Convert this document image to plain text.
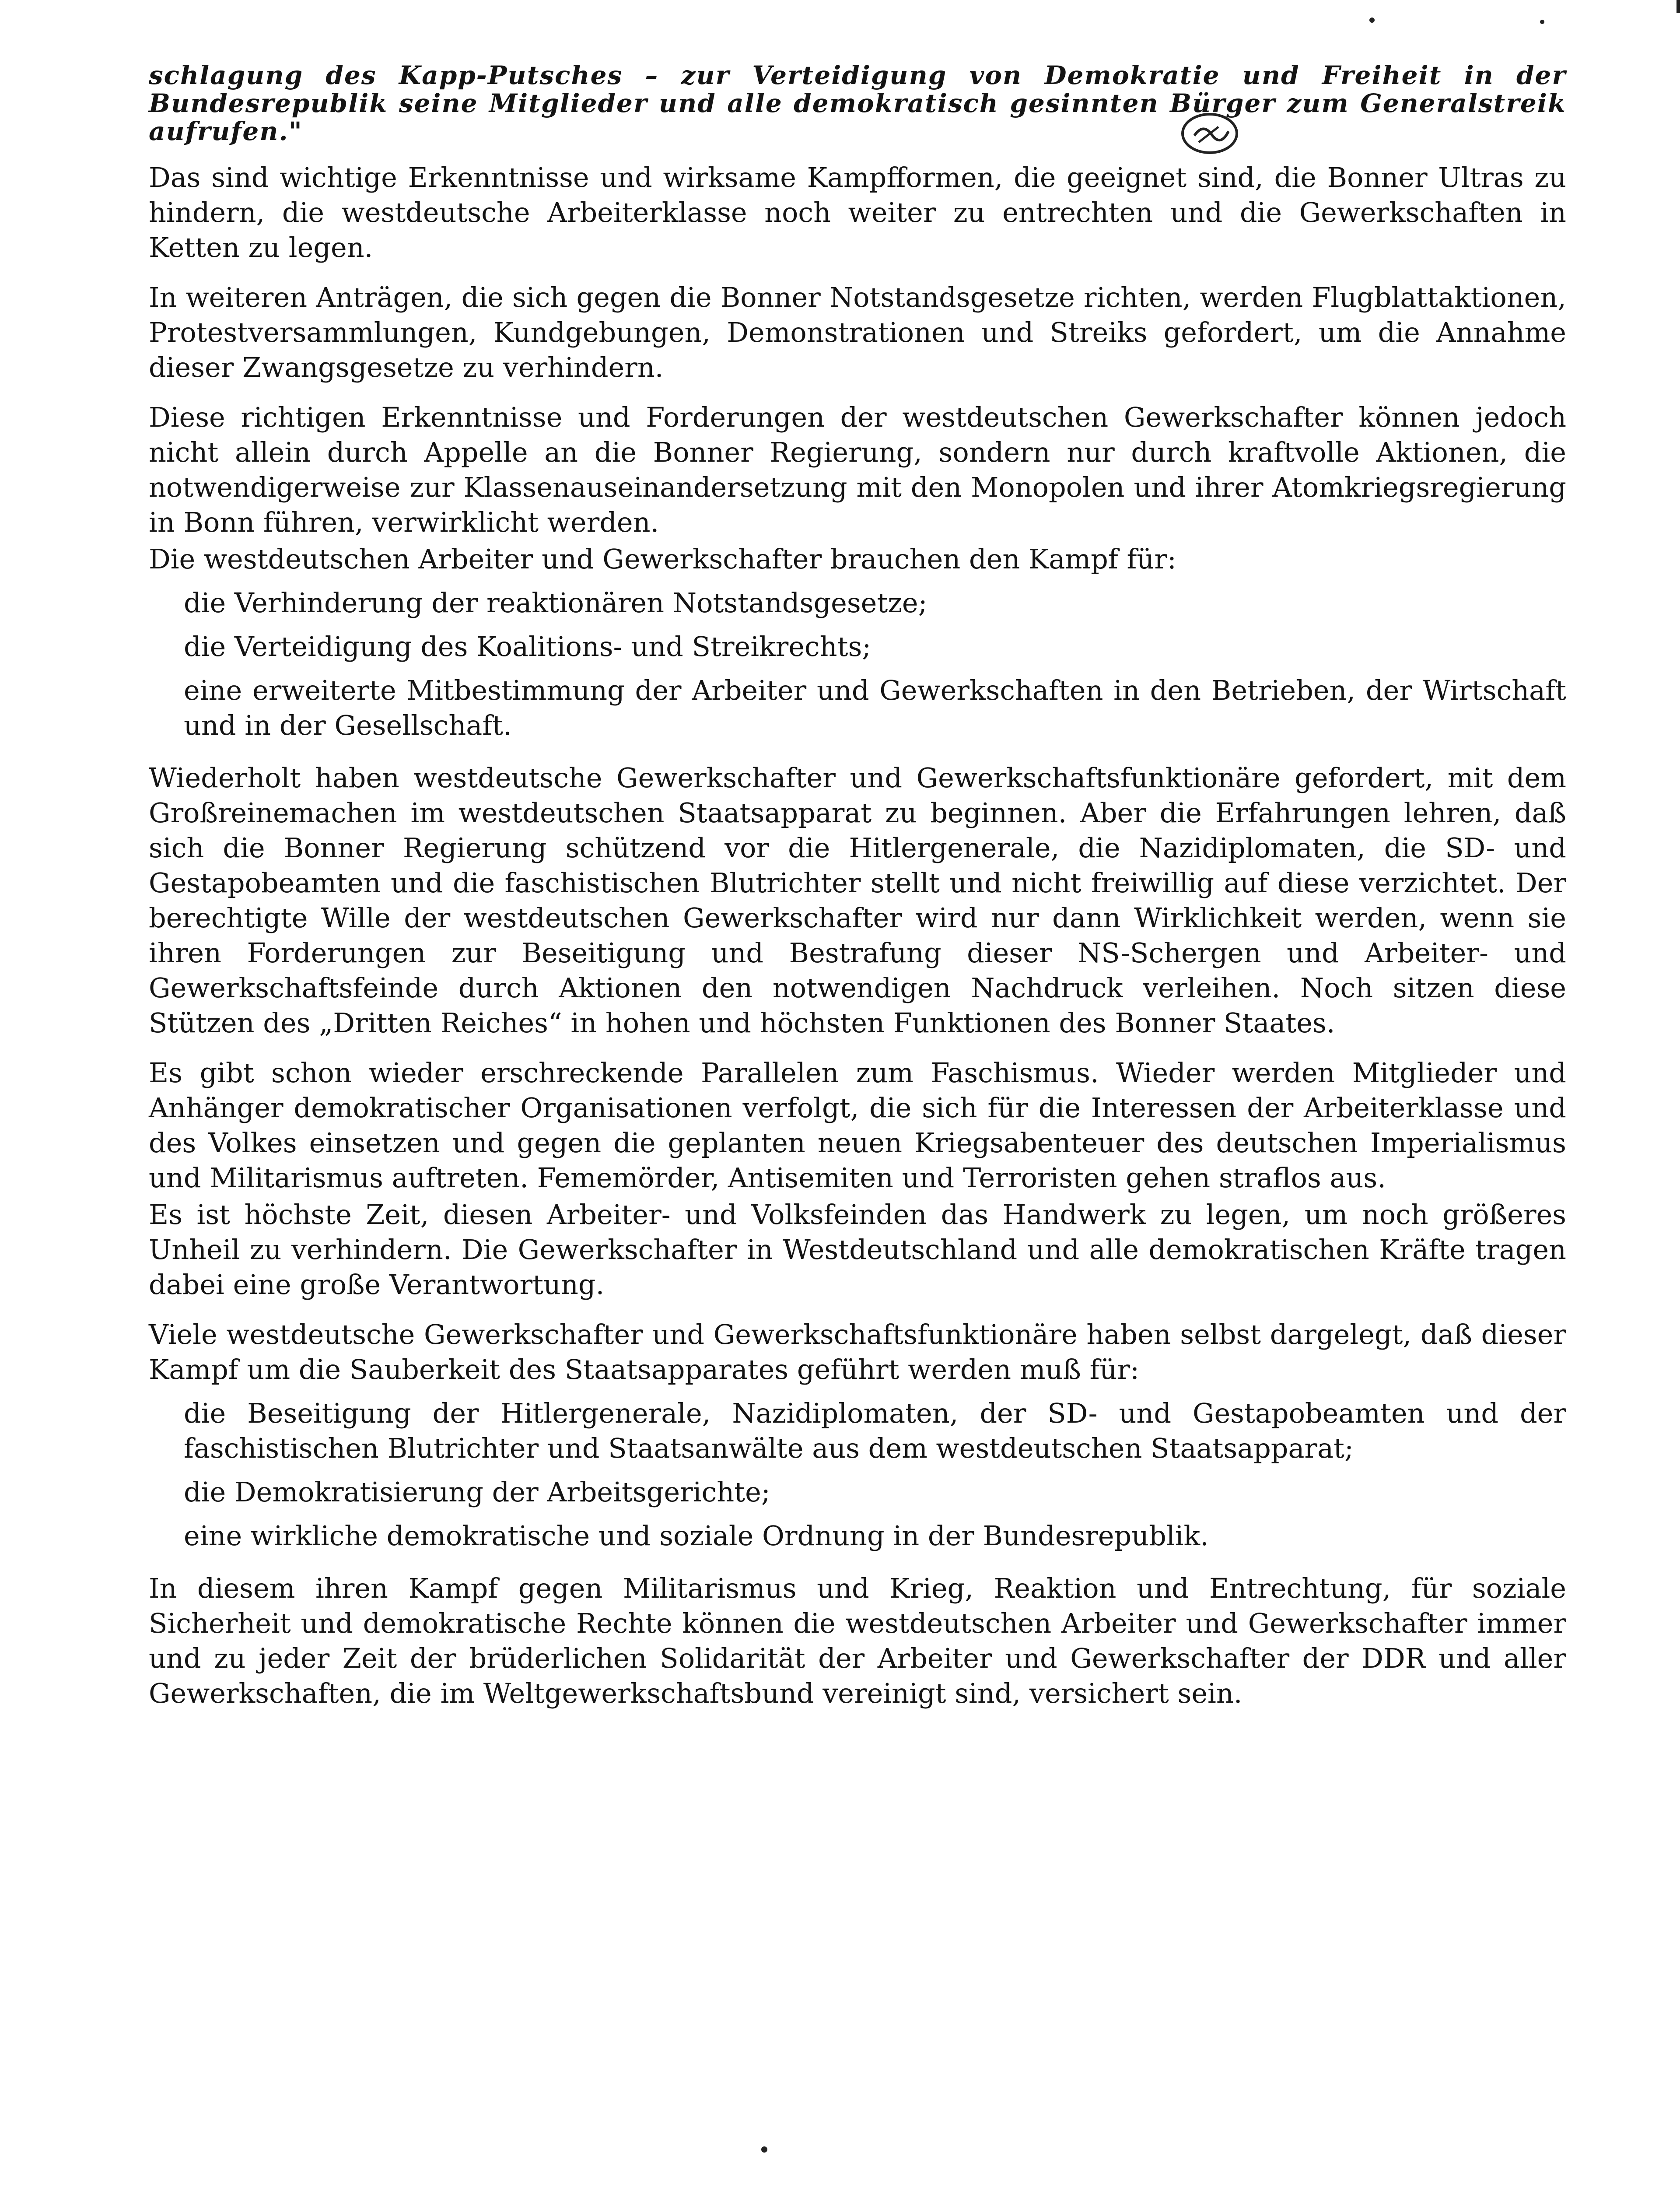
schlagung des Kapp-Putsches – zur Verteidigung von Demokratie und Freiheit in der Bundesrepublik seine Mitglieder und alle demokratisch gesinnten Bürger zum Generalstreik aufrufen."

Das sind wichtige Erkenntnisse und wirksame Kampfformen, die geeignet sind, die Bonner Ultras zu hindern, die westdeutsche Arbeiterklasse noch weiter zu entrechten und die Gewerkschaften in Ketten zu legen.

In weiteren Anträgen, die sich gegen die Bonner Notstandsgesetze richten, werden Flugblattaktionen, Protestversammlungen, Kundgebungen, Demonstrationen und Streiks gefordert, um die Annahme dieser Zwangsgesetze zu verhindern.

Diese richtigen Erkenntnisse und Forderungen der westdeutschen Gewerkschafter können jedoch nicht allein durch Appelle an die Bonner Regierung, sondern nur durch kraftvolle Aktionen, die notwendigerweise zur Klassenauseinandersetzung mit den Monopolen und ihrer Atomkriegsregierung in Bonn führen, verwirklicht werden.

Die westdeutschen Arbeiter und Gewerkschafter brauchen den Kampf für:

die Verhinderung der reaktionären Notstandsgesetze;
die Verteidigung des Koalitions- und Streikrechts;
eine erweiterte Mitbestimmung der Arbeiter und Gewerkschaften in den Betrieben, der Wirtschaft und in der Gesellschaft.

Wiederholt haben westdeutsche Gewerkschafter und Gewerkschaftsfunktionäre gefordert, mit dem Großreinemachen im westdeutschen Staatsapparat zu beginnen. Aber die Erfahrungen lehren, daß sich die Bonner Regierung schützend vor die Hitlergenerale, die Nazidiplomaten, die SD- und Gestapobeamten und die faschistischen Blutrichter stellt und nicht freiwillig auf diese verzichtet. Der berechtigte Wille der westdeutschen Gewerkschafter wird nur dann Wirklichkeit werden, wenn sie ihren Forderungen zur Beseitigung und Bestrafung dieser NS-Schergen und Arbeiter- und Gewerkschaftsfeinde durch Aktionen den notwendigen Nachdruck verleihen. Noch sitzen diese Stützen des „Dritten Reiches“ in hohen und höchsten Funktionen des Bonner Staates.

Es gibt schon wieder erschreckende Parallelen zum Faschismus. Wieder werden Mitglieder und Anhänger demokratischer Organisationen verfolgt, die sich für die Interessen der Arbeiterklasse und des Volkes einsetzen und gegen die geplanten neuen Kriegsabenteuer des deutschen Imperialismus und Militarismus auftreten. Fememörder, Antisemiten und Terroristen gehen straflos aus.

Es ist höchste Zeit, diesen Arbeiter- und Volksfeinden das Handwerk zu legen, um noch größeres Unheil zu verhindern. Die Gewerkschafter in Westdeutschland und alle demokratischen Kräfte tragen dabei eine große Verantwortung.

Viele westdeutsche Gewerkschafter und Gewerkschaftsfunktionäre haben selbst dargelegt, daß dieser Kampf um die Sauberkeit des Staatsapparates geführt werden muß für:

die Beseitigung der Hitlergenerale, Nazidiplomaten, der SD- und Gestapobeamten und der faschistischen Blutrichter und Staatsanwälte aus dem westdeutschen Staatsapparat;
die Demokratisierung der Arbeitsgerichte;
eine wirkliche demokratische und soziale Ordnung in der Bundesrepublik.

In diesem ihren Kampf gegen Militarismus und Krieg, Reaktion und Entrechtung, für soziale Sicherheit und demokratische Rechte können die westdeutschen Arbeiter und Gewerkschafter immer und zu jeder Zeit der brüderlichen Solidarität der Arbeiter und Gewerkschafter der DDR und aller Gewerkschaften, die im Weltgewerkschaftsbund vereinigt sind, versichert sein.
